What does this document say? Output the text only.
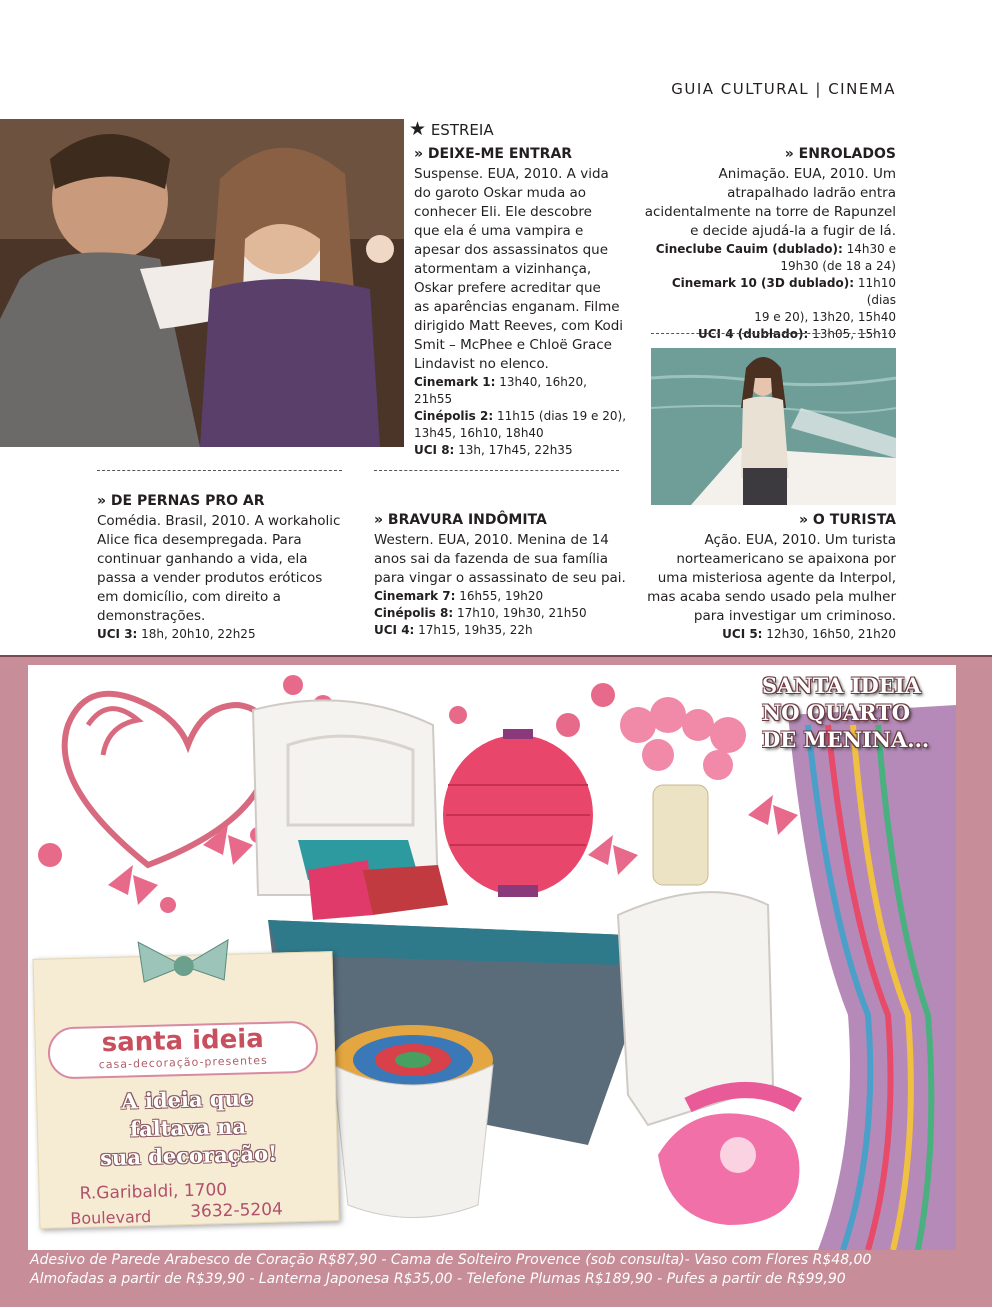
GUIA CULTURAL | CINEMA
★ ESTREIA
» DEIXE-ME ENTRAR
Suspense. EUA, 2010. A vida
do garoto Oskar muda ao
conhecer Eli. Ele descobre
que ela é uma vampira e
apesar dos assassinatos que
atormentam a vizinhança,
Oskar prefere acreditar que
as aparências enganam. Filme
dirigido Matt Reeves, com Kodi
Smit – McPhee e Chloë Grace
Lindavist no elenco.
Cinemark 1: 13h40, 16h20,
21h55
Cinépolis 2: 11h15 (dias 19 e 20),
13h45, 16h10, 18h40
UCI 8: 13h, 17h45, 22h35
» ENROLADOS
Animação. EUA, 2010. Um
atrapalhado ladrão entra
acidentalmente na torre de Rapunzel
e decide ajudá-la a fugir de lá.
Cineclube Cauim (dublado): 14h30 e
19h30 (de 18 a 24)
Cinemark 10 (3D dublado): 11h10 (dias
19 e 20), 13h20, 15h40
UCI 4 (dublado): 13h05, 15h10
» DE PERNAS PRO AR
Comédia. Brasil, 2010. A workaholic
Alice fica desempregada. Para
continuar ganhando a vida, ela
passa a vender produtos eróticos
em domicílio, com direito a
demonstrações.
UCI 3: 18h, 20h10, 22h25
» BRAVURA INDÔMITA
Western. EUA, 2010. Menina de 14
anos sai da fazenda de sua família
para vingar o assassinato de seu pai.
Cinemark 7: 16h55, 19h20
Cinépolis 8: 17h10, 19h30, 21h50
UCI 4: 17h15, 19h35, 22h
» O TURISTA
Ação. EUA, 2010. Um turista
norteamericano se apaixona por
uma misteriosa agente da Interpol,
mas acaba sendo usado pela mulher
para investigar um criminoso.
UCI 5: 12h30, 16h50, 21h20
SANTA IDEIA
NO QUARTO
DE MENINA...
santa ideia
casa-decoração-presentes
A ideia que
faltava na
sua decoração!
R.Garibaldi, 1700
Boulevard 3632-5204
Adesivo de Parede Arabesco de Coração R$87,90 - Cama de Solteiro Provence (sob consulta)- Vaso com Flores R$48,00
Almofadas a partir de R$39,90 - Lanterna Japonesa R$35,00 - Telefone Plumas R$189,90 - Pufes a partir de R$99,90
